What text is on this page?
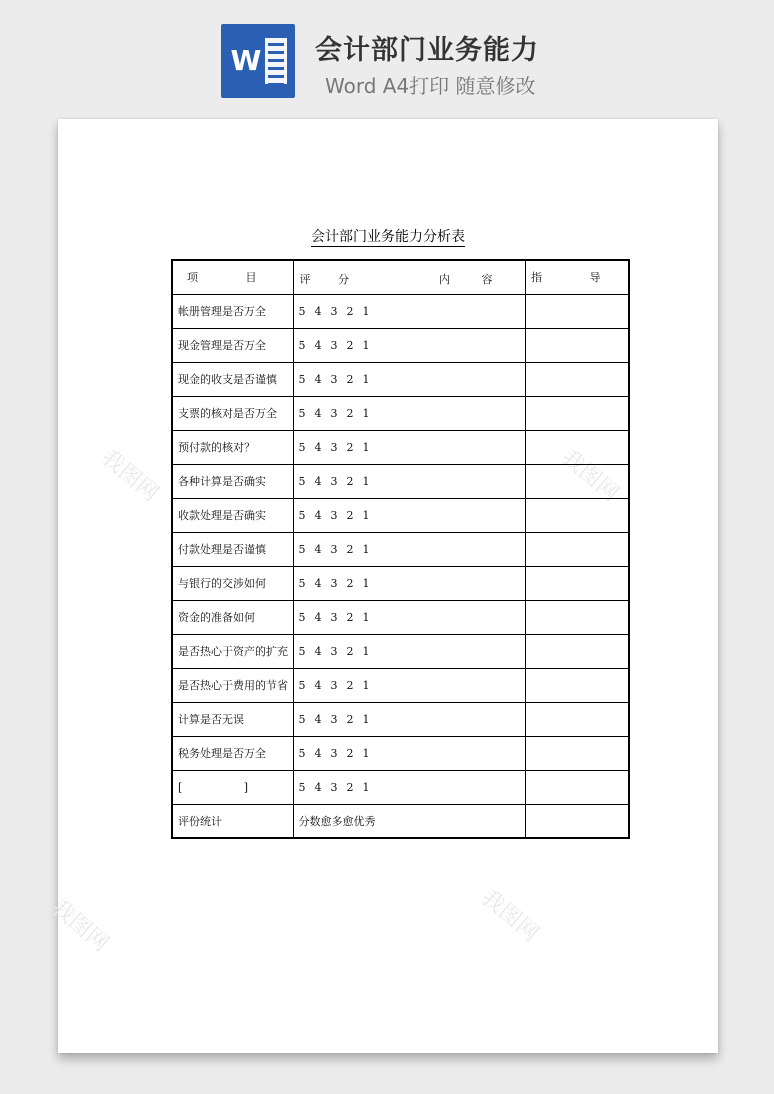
W 会计部门业务能力
Word A4打印 随意修改
我图网	我图网
我图网	我图网
会计部门业务能力分析表
项 目	评 分 内 容	指 导
帐册管理是否万全	5 4 3 2 1	
现金管理是否万全	5 4 3 2 1	
现金的收支是否谨慎	5 4 3 2 1	
支票的核对是否万全	5 4 3 2 1	
预付款的核对？	5 4 3 2 1	
各种计算是否确实	5 4 3 2 1	
收款处理是否确实	5 4 3 2 1	
付款处理是否谨慎	5 4 3 2 1	
与银行的交涉如何	5 4 3 2 1	
资金的准备如何	5 4 3 2 1	
是否热心于资产的扩充	5 4 3 2 1	
是否热心于费用的节省	5 4 3 2 1	
计算是否无误	5 4 3 2 1	
税务处理是否万全	5 4 3 2 1	

[ ]	5 4 3 2 1	
评份统计	分数愈多愈优秀	
